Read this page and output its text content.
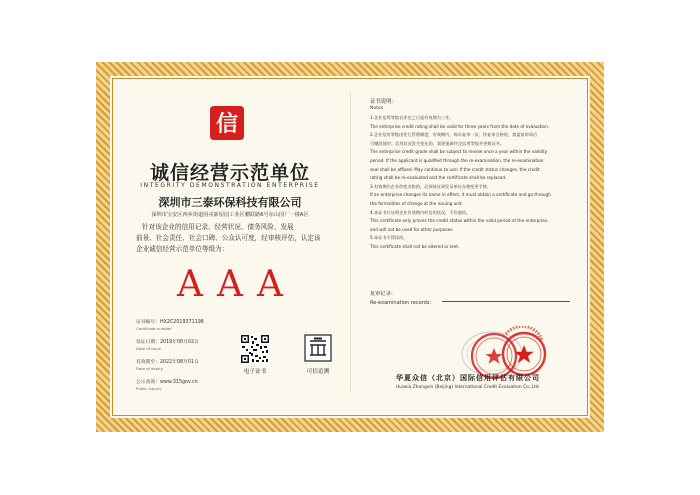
信
诚信经营示范单位
INTEGRITY DEMONSTRATION ENTERPRISE
深圳市三泰环保科技有限公司
深圳市宝安区西乡街道固戍新屋园工业区鹏联路6号东山园厂一楼A区
针对该企业的信用记录、经营状况、债务风险、发展
前景、社会责任、社会口碑、公众认可度，经审核评估，认定该
企业诚信经营示范单位等级为：
AAA
证书编号：HX2C2019371198
Certificate number
发证日期：2019年08月02日
Date of issue
有效期至：2022年08月01日
Date of expiry
公示查询：www.315gov.cn
Public inquiry
电子证书	可信追溯
证书说明：
Notes

1.企业信用等级自评定之日起有效期为三年。

The enterprise credit rating shall be valid for three years from the date of evaluation.

2.企业信用等级由发行管理制度，有效期内，每年复审一次，经复审合格的，加盖复审章后

可继续使用；信用状况发生变化的，需要重新评定信用等级并更换证书。

The enterprise credit grade shall be subject to review once a year within the validity

period. If the applicant is qualified through the re-examination, the re-examination

seal shall be affixed. May continue to use; If the credit status changes, the credit

rating shall be re-evaluated and the certificate shall be replaced.

3.有效期内企业改变名称的，必须持证到发证单位办理变更手续。

If an enterprise changes its name in effect, it must obtain a certificate and go through

the formalities of change at the issuing unit.

4.本证书只证明企业有效期内的信用状况，不作他用。

This certificate only proves the credit status within the valid period of the enterprise,

and will not be used for other purposes.

5.本证书不得涂改。

This certificate shall not be altered or lent.

复审记录：
Re-examination records:
华夏众信（北京）国际信用评估有限公司
Huaxia Zhongxin (Beijing) International Credit Evaluation Co.,Ltd.
